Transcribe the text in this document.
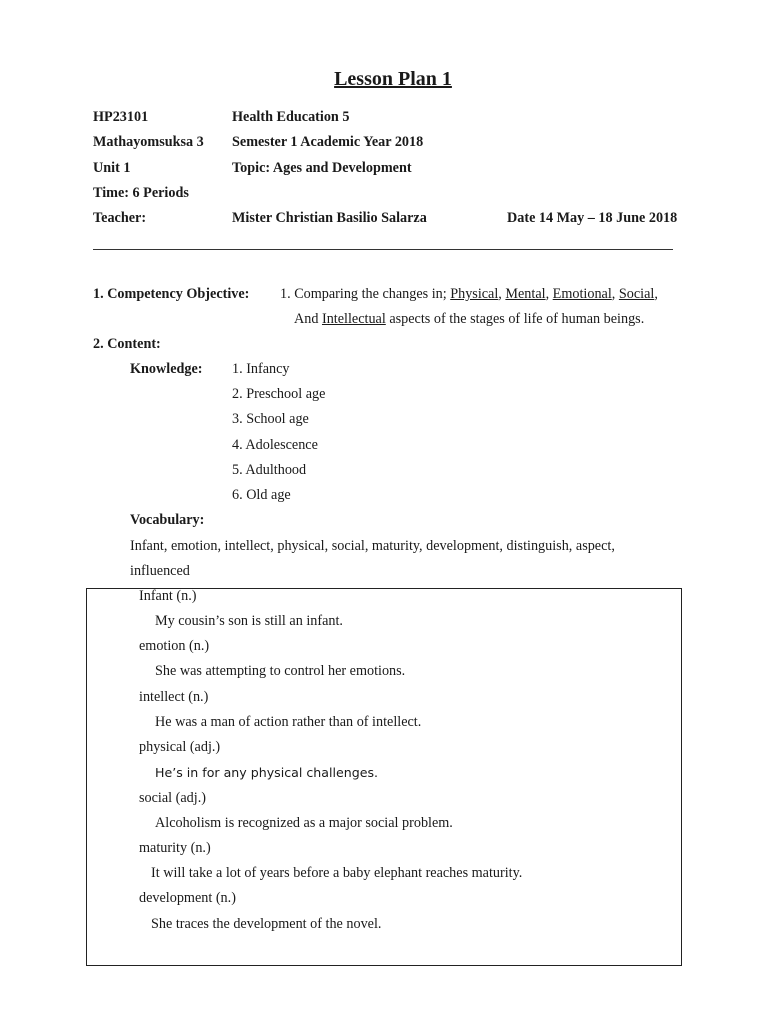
Lesson Plan 1
HP23101	Health Education 5
Mathayomsuksa 3 Semester 1 Academic Year 2018
Unit 1	Topic: Ages and Development
Time: 6 Periods
Teacher:	Mister Christian Basilio Salarza	Date 14 May – 18 June 2018
1. Competency Objective: 1. Comparing the changes in; Physical, Mental, Emotional, Social,
And Intellectual aspects of the stages of life of human beings.
2. Content:
Knowledge: 1. Infancy
2. Preschool age
3. School age
4. Adolescence
5. Adulthood
6. Old age
Vocabulary:
Infant, emotion, intellect, physical, social, maturity, development, distinguish, aspect,
influenced
Infant (n.)
My cousin’s son is still an infant.
emotion (n.)
She was attempting to control her emotions.
intellect (n.)
He was a man of action rather than of intellect.
physical (adj.)
He’s in for any physical challenges.
social (adj.)
Alcoholism is recognized as a major social problem.
maturity (n.)
It will take a lot of years before a baby elephant reaches maturity.
development (n.)
She traces the development of the novel.
